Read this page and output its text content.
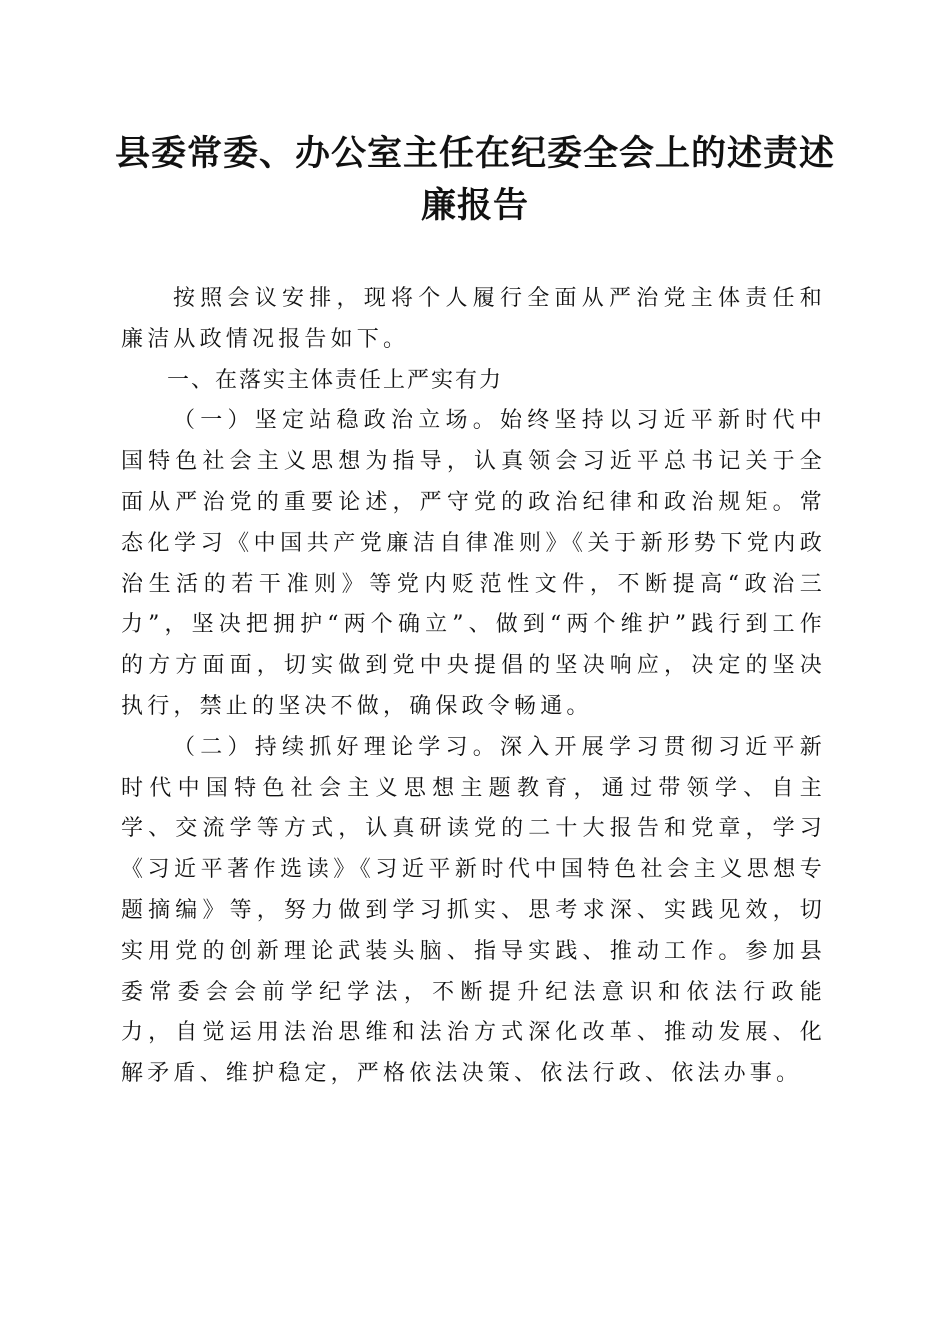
县委常委、办公室主任在纪委全会上的述责述廉报告

按照会议安排，现将个人履行全面从严治党主体责任和廉洁从政情况报告如下。

一、在落实主体责任上严实有力

（一）坚定站稳政治立场。始终坚持以习近平新时代中国特色社会主义思想为指导，认真领会习近平总书记关于全面从严治党的重要论述，严守党的政治纪律和政治规矩。常态化学习《中国共产党廉洁自律准则》《关于新形势下党内政治生活的若干准则》等党内贬范性文件，不断提高“政治三力”，坚决把拥护“两个确立”、做到“两个维护”践行到工作的方方面面，切实做到党中央提倡的坚决响应，决定的坚决执行，禁止的坚决不做，确保政令畅通。

（二）持续抓好理论学习。深入开展学习贯彻习近平新时代中国特色社会主义思想主题教育，通过带领学、自主学、交流学等方式，认真研读党的二十大报告和党章，学习《习近平著作选读》《习近平新时代中国特色社会主义思想专题摘编》等，努力做到学习抓实、思考求深、实践见效，切实用党的创新理论武装头脑、指导实践、推动工作。参加县委常委会会前学纪学法，不断提升纪法意识和依法行政能力，自觉运用法治思维和法治方式深化改革、推动发展、化解矛盾、维护稳定，严格依法决策、依法行政、依法办事。
